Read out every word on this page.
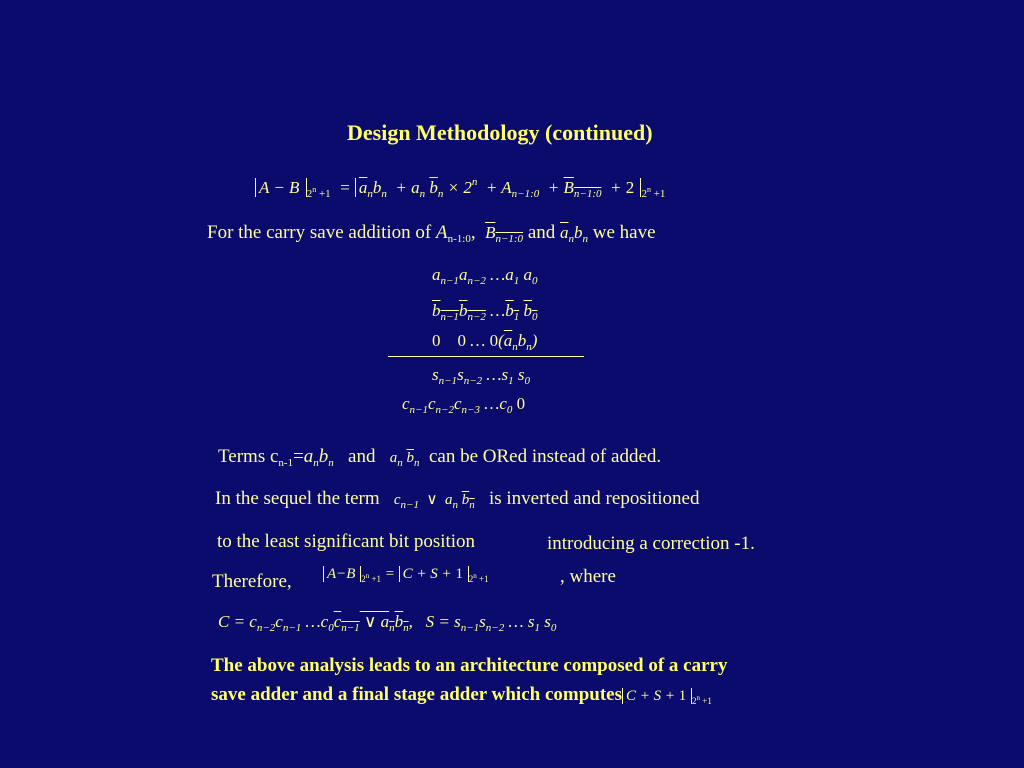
Design Methodology (continued)
A − B $_{2^n +1} = \overline{a}_nb_n + a_n$ $\overline{b}_n \times 2^n + A_{n-1:0} + B_{n-1:0} + 2$ $_{2^n +1}$
For the carry save addition of $A_{n-1:0}$,  $B_{n-1:0}$ and $\overline{a}_nb_n$ we have
$a_{n-1}a_{n-2}$ $\dots a_1$ $a_0$
$b_{n-1}b_{n-2}$ $\dots b_1$ $b_0$
0    0 … $0(\overline{a}_nb_n)$
$s_{n-1}s_{n-2}$ $\dots s_1$ $s_0$
$c_{n-1}c_{n-2}c_{n-3}$ $\dots c_0$ 0
Terms $c_{n-1}=a_nb_n$ and $a_n$ $\overline{b}_n$ can be ORed instead of added.
In the sequel the term $c_{n-1}$  ∨  $a_n$ $b_n$ is inverted and repositioned
to the least significant bit position	introducing a correction -1.
Therefore, A−B $_{2^n +1}$ = C + S + 1 $_{2^n +1}$	, where
$C = c_{n-2}c_{n-1}$ $\dots c_0c_{n-1}$ ∨ $a_nb_n$,   $S = s_{n-1}s_{n-2}$ … $s_1$ $s_0$
The above analysis leads to an architecture composed of a carry
save adder and a final stage adder which computes C + S + 1 $_{2^n +1}$
